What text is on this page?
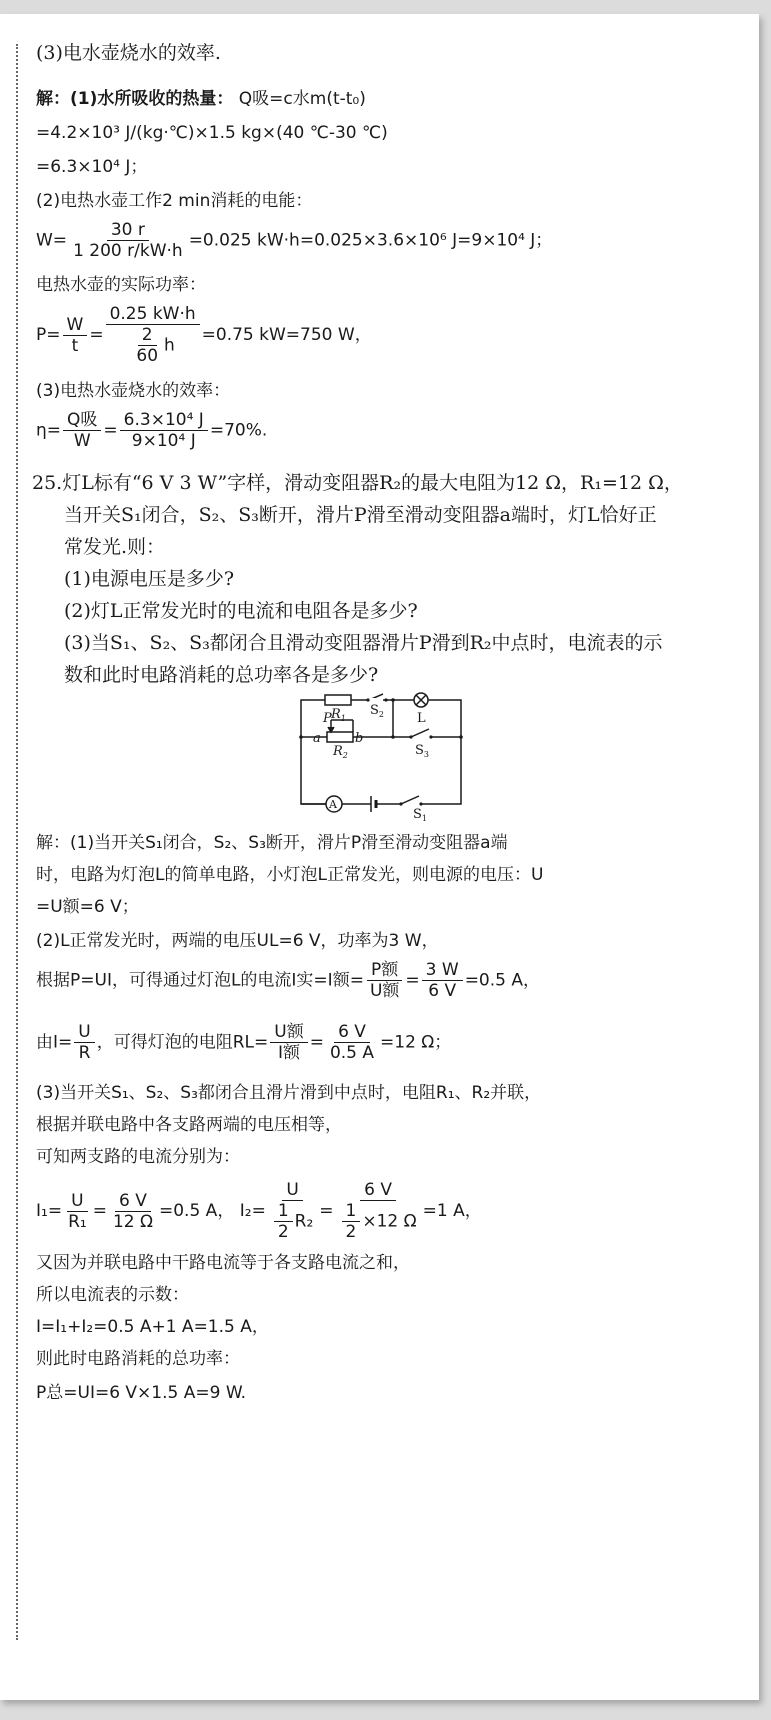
(3)电水壶烧水的效率.
解：(1)水所吸收的热量： Q吸=c水m(t-t₀)
=4.2×10³ J/(kg·℃)×1.5 kg×(40 ℃-30 ℃)
=6.3×10⁴ J；
(2)电热水壶工作2 min消耗的电能：
$W= \frac{30 r}{1 200 r/kW\cdot h} =0.025$ kW·h=0.025×3.6×10⁶ J=9×10⁴ J；
电热水壶的实际功率：
$P= \frac{W}{t} = \frac{0.25 kW\cdot h}{\frac{2}{60} h} =0.75$ kW=750 W，
(3)电热水壶烧水的效率：
$\eta= \frac{\text{Q吸}}{W} = \frac{\text{6.3×10⁴ J}}{\text{9×10⁴ J}} =70\%$.
25.灯L标有“6 V 3 W”字样，滑动变阻器R₂的最大电阻为12 Ω，R₁=12 Ω，
当开关S₁闭合，S₂、S₃断开，滑片P滑至滑动变阻器a端时，灯L恰好正
常发光.则：
(1)电源电压是多少?
(2)灯L正常发光时的电流和电阻各是多少?
(3)当S₁、S₂、S₃都闭合且滑动变阻器滑片P滑到R₂中点时，电流表的示
数和此时电路消耗的总功率各是多少?
$R_1$
$S_2$	L
P
a	b
$R_2$	$S_3$
A
$S_1$
解：(1)当开关S₁闭合，S₂、S₃断开，滑片P滑至滑动变阻器a端
时，电路为灯泡L的简单电路，小灯泡L正常发光，则电源的电压：U
=U额=6 V；
(2)L正常发光时，两端的电压UL=6 V，功率为3 W，
根据P=UI，可得通过灯泡L的电流I实=I额= $\frac{\text{P额}}{\text{U额}} = \frac{3 W}{6 V} =0.5$ A，
由$I= \frac{U}{R}$ ，可得灯泡的电阻$RL= \frac{\text{U额}}{\text{I额}} = \frac{6 V}{0.5 A} =12$ Ω；
(3)当开关S₁、S₂、S₃都闭合且滑片滑到中点时，电阻R₁、R₂并联，
根据并联电路中各支路两端的电压相等，
可知两支路的电流分别为：
$I_1= \frac{U}{\text{R₁}} = \frac{6 V}{12 \Omega} =0.5$ A， $I_2= \frac{U}{\frac{1}{2} R_2} = \frac{6 V}{\frac{1}{2} \times 12 \Omega} =1$ A，
又因为并联电路中干路电流等于各支路电流之和，
所以电流表的示数：
I=I₁+I₂=0.5 A+1 A=1.5 A，
则此时电路消耗的总功率：
P总=UI=6 V×1.5 A=9 W.
